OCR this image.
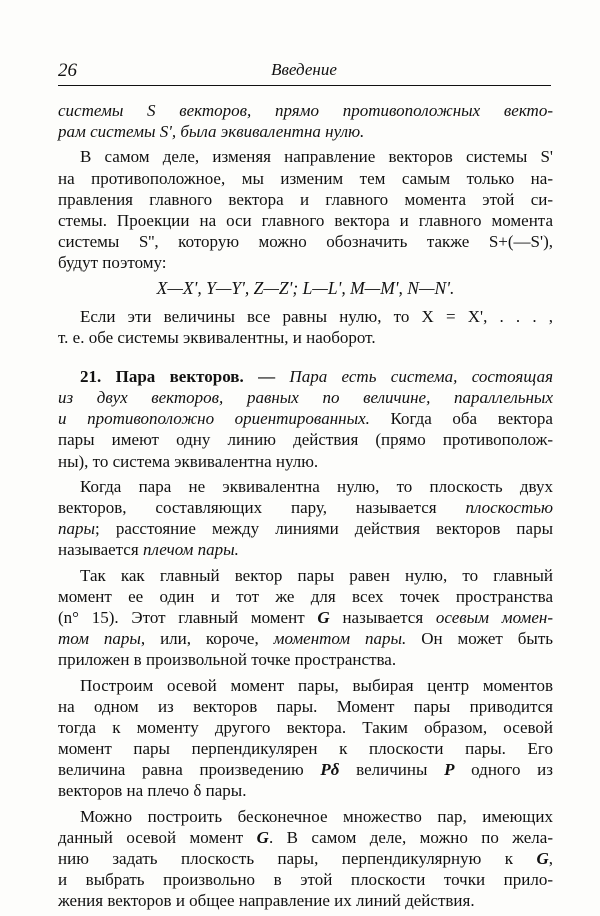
26	Введение
системы S векторов, прямо противоположных векто-
рам системы S', была эквивалентна нулю.
В самом деле, изменяя направление векторов системы S'
на противоположное, мы изменим тем самым только на-
правления главного вектора и главного момента этой си-
стемы. Проекции на оси главного вектора и главного момента
системы S'', которую можно обозначить также S+(—S'),
будут поэтому:
X—X', Y—Y', Z—Z'; L—L', M—M', N—N'.
Если эти величины все равны нулю, то X = X', . . . ,
т. е. обе системы эквивалентны, и наоборот.
21. Пара векторов. — Пара есть система, состоящая
из двух векторов, равных по величине, параллельных
и противоположно ориентированных. Когда оба вектора
пары имеют одну линию действия (прямо противополож-
ны), то система эквивалентна нулю.
Когда пара не эквивалентна нулю, то плоскость двух
векторов, составляющих пару, называется плоскостью
пары; расстояние между линиями действия векторов пары
называется плечом пары.
Так как главный вектор пары равен нулю, то главный
момент ее один и тот же для всех точек пространства
(n° 15). Этот главный момент G называется осевым момен-
том пары, или, короче, моментом пары. Он может быть
приложен в произвольной точке пространства.
Построим осевой момент пары, выбирая центр моментов
на одном из векторов пары. Момент пары приводится
тогда к моменту другого вектора. Таким образом, осевой
момент пары перпендикулярен к плоскости пары. Его
величина равна произведению Pδ величины P одного из
векторов на плечо δ пары.
Можно построить бесконечное множество пар, имеющих
данный осевой момент G. В самом деле, можно по жела-
нию задать плоскость пары, перпендикулярную к G,
и выбрать произвольно в этой плоскости точки прило-
жения векторов и общее направление их линий действия.
